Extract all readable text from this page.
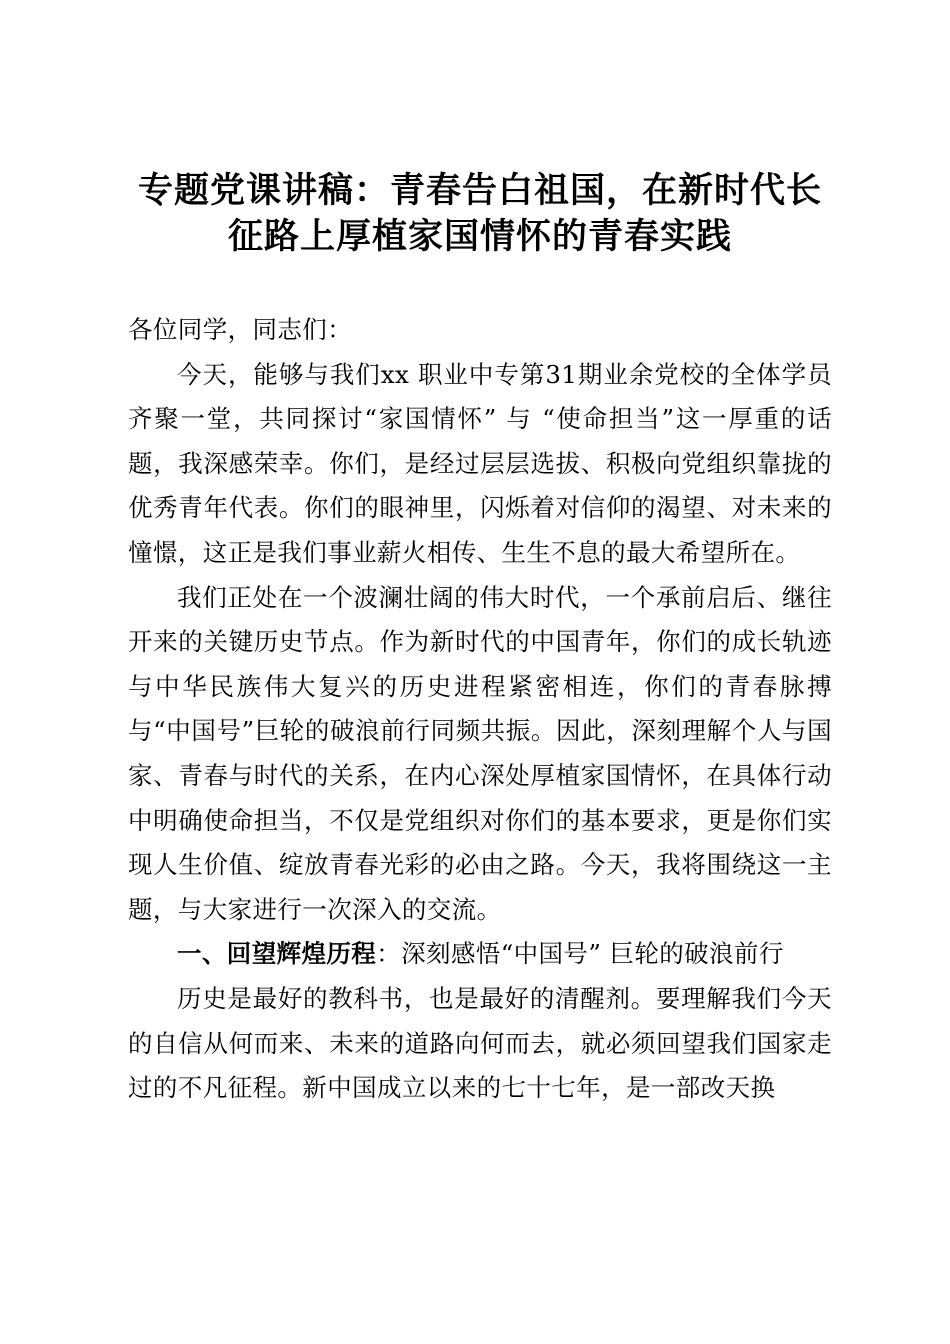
专题党课讲稿：青春告白祖国，在新时代长征路上厚植家国情怀的青春实践

各位同学，同志们：

今天，能够与我们xx 职业中专第31期业余党校的全体学员齐聚一堂，共同探讨“家国情怀” 与 “使命担当”这一厚重的话题，我深感荣幸。你们，是经过层层选拔、积极向党组织靠拢的优秀青年代表。你们的眼神里，闪烁着对信仰的渴望、对未来的憧憬，这正是我们事业薪火相传、生生不息的最大希望所在。

我们正处在一个波澜壮阔的伟大时代，一个承前启后、继往开来的关键历史节点。作为新时代的中国青年，你们的成长轨迹与中华民族伟大复兴的历史进程紧密相连，你们的青春脉搏与“中国号”巨轮的破浪前行同频共振。因此，深刻理解个人与国家、青春与时代的关系，在内心深处厚植家国情怀，在具体行动中明确使命担当，不仅是党组织对你们的基本要求，更是你们实现人生价值、绽放青春光彩的必由之路。今天，我将围绕这一主题，与大家进行一次深入的交流。

一、回望辉煌历程：深刻感悟“中国号” 巨轮的破浪前行

历史是最好的教科书，也是最好的清醒剂。要理解我们今天的自信从何而来、未来的道路向何而去，就必须回望我们国家走过的不凡征程。新中国成立以来的七十七年，是一部改天换
